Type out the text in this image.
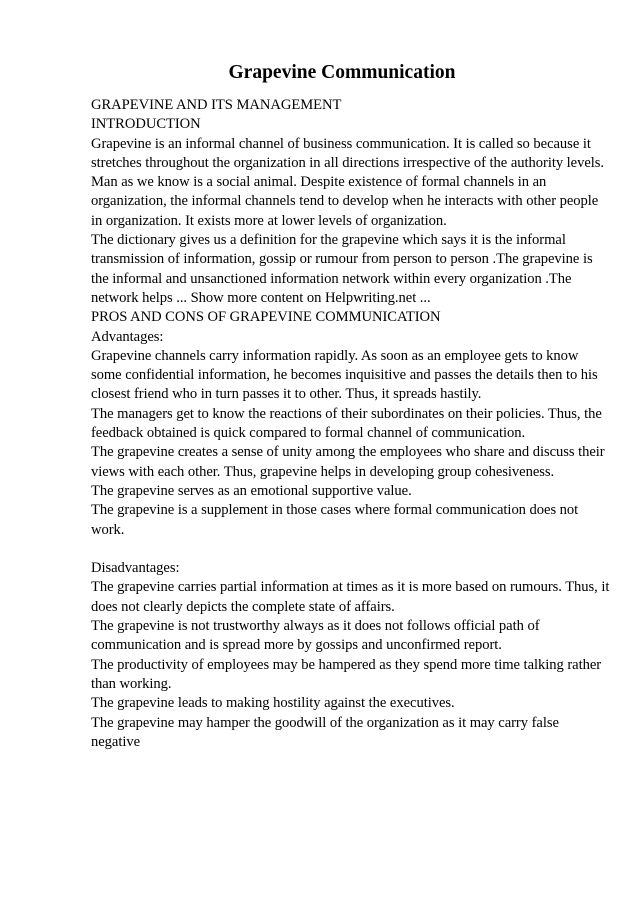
Grapevine Communication

GRAPEVINE AND ITS MANAGEMENT

INTRODUCTION

Grapevine is an informal channel of business communication. It is called so because it stretches throughout the organization in all directions irrespective of the authority levels. Man as we know is a social animal. Despite existence of formal channels in an organization, the informal channels tend to develop when he interacts with other people in organization. It exists more at lower levels of organization.

The dictionary gives us a definition for the grapevine which says it is the informal transmission of information, gossip or rumour from person to person .The grapevine is the informal and unsanctioned information network within every organization .The network helps ... Show more content on Helpwriting.net ...

PROS AND CONS OF GRAPEVINE COMMUNICATION

Advantages:

Grapevine channels carry information rapidly. As soon as an employee gets to know some confidential information, he becomes inquisitive and passes the details then to his closest friend who in turn passes it to other. Thus, it spreads hastily.

The managers get to know the reactions of their subordinates on their policies. Thus, the feedback obtained is quick compared to formal channel of communication.

The grapevine creates a sense of unity among the employees who share and discuss their views with each other. Thus, grapevine helps in developing group cohesiveness.

The grapevine serves as an emotional supportive value.

The grapevine is a supplement in those cases where formal communication does not work.

Disadvantages:

The grapevine carries partial information at times as it is more based on rumours. Thus, it does not clearly depicts the complete state of affairs.

The grapevine is not trustworthy always as it does not follows official path of communication and is spread more by gossips and unconfirmed report.

The productivity of employees may be hampered as they spend more time talking rather than working.

The grapevine leads to making hostility against the executives.

The grapevine may hamper the goodwill of the organization as it may carry false negative
